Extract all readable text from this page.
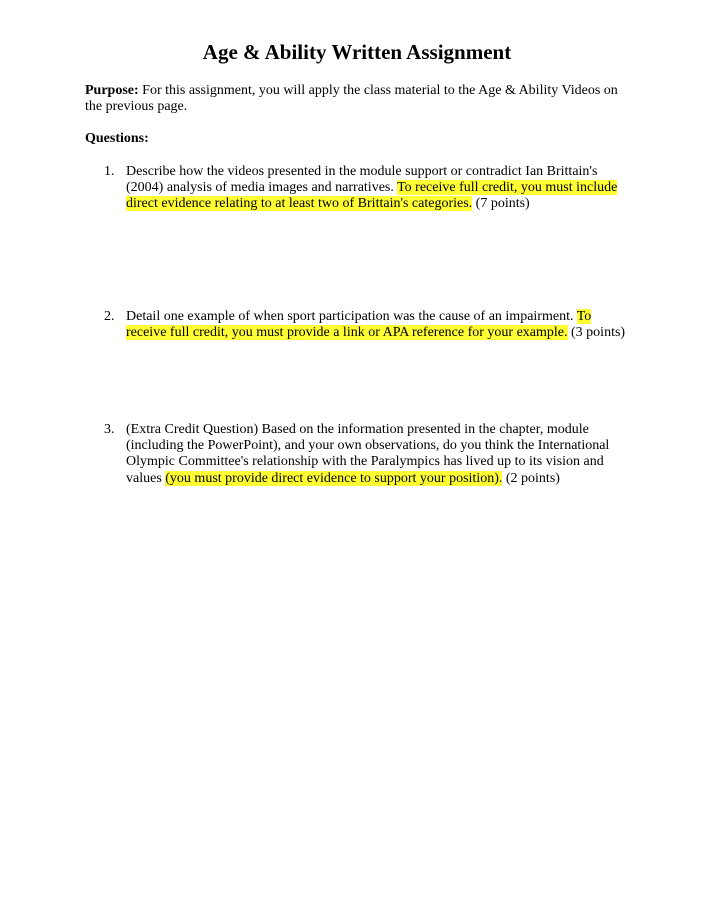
Age & Ability Written Assignment
Purpose: For this assignment, you will apply the class material to the Age & Ability Videos on the previous page.
Questions:
1. Describe how the videos presented in the module support or contradict Ian Brittain's (2004) analysis of media images and narratives. To receive full credit, you must include direct evidence relating to at least two of Brittain's categories. (7 points)
2. Detail one example of when sport participation was the cause of an impairment. To receive full credit, you must provide a link or APA reference for your example. (3 points)
3. (Extra Credit Question) Based on the information presented in the chapter, module (including the PowerPoint), and your own observations, do you think the International Olympic Committee's relationship with the Paralympics has lived up to its vision and values (you must provide direct evidence to support your position). (2 points)
